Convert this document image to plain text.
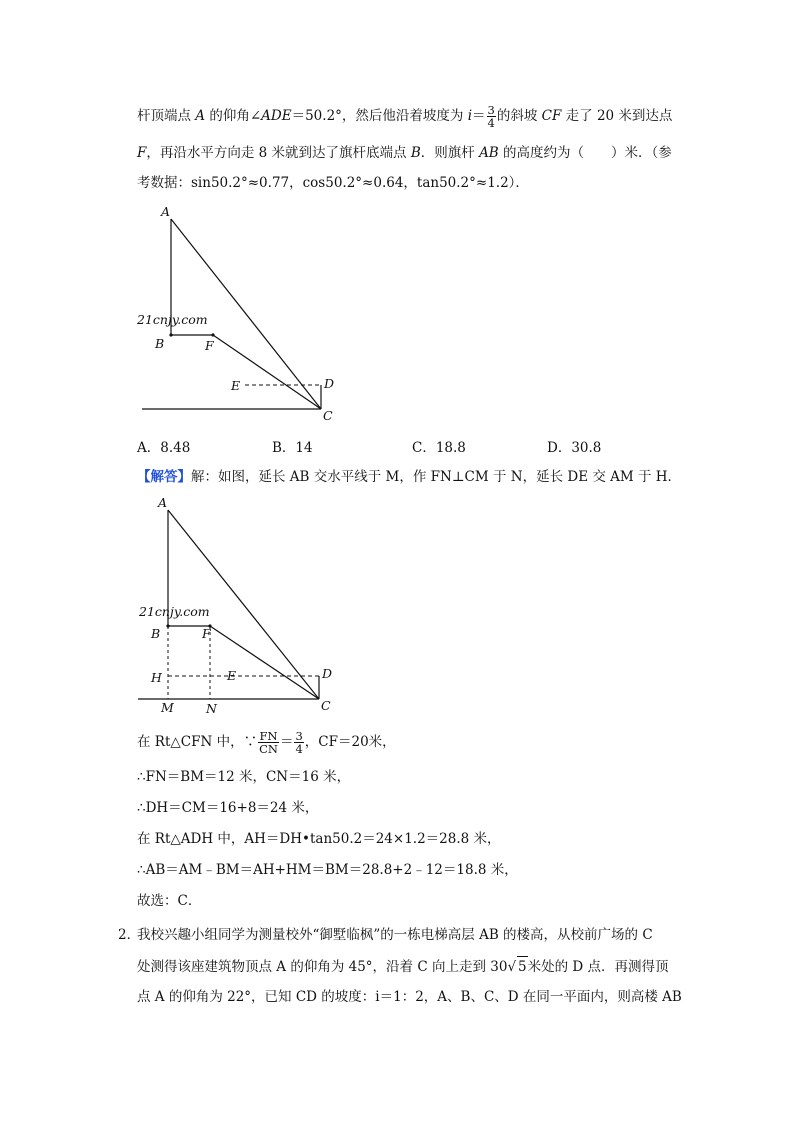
杆顶端点 A 的仰角∠ADE＝50.2°，然后他沿着坡度为 $i= \frac{3}{4}$ 的斜坡 CF 走了 20 米到达点
F，再沿水平方向走 8 米就到达了旗杆底端点 B．则旗杆 AB 的高度约为（　　）米．（参
考数据：sin50.2°≈0.77，cos50.2°≈0.64，tan50.2°≈1.2）．
21cnjy.com
A
B	F
E	D
C
A．8.48	B．14	C．18.8	D．30.8
【解答】解：如图，延长 AB 交水平线于 M，作 FN⊥CM 于 N，延长 DE 交 AM 于 H．
21cnjy.com
A
B	F
H	E	D
M	N	C
在 Rt△CFN 中，∵ $\frac{FN}{CN} = \frac{3}{4}$ ，CF＝20米，
∴FN＝BM＝12 米，CN＝16 米，
∴DH＝CM＝16+8＝24 米，
在 Rt△ADH 中，AH＝DH•tan50.2＝24×1.2＝28.8 米，
∴AB＝AM﹣BM＝AH+HM＝BM＝28.8+2﹣12＝18.8 米，
故选：C．
2．
我校兴趣小组同学为测量校外“御墅临枫”的一栋电梯高层 AB 的楼高，从校前广场的 C
处测得该座建筑物顶点 A 的仰角为 45°，沿着 C 向上走到 30√ 5米处的 D 点．再测得顶
点 A 的仰角为 22°，已知 CD 的坡度：i＝1：2，A、B、C、D 在同一平面内，则高楼 AB
